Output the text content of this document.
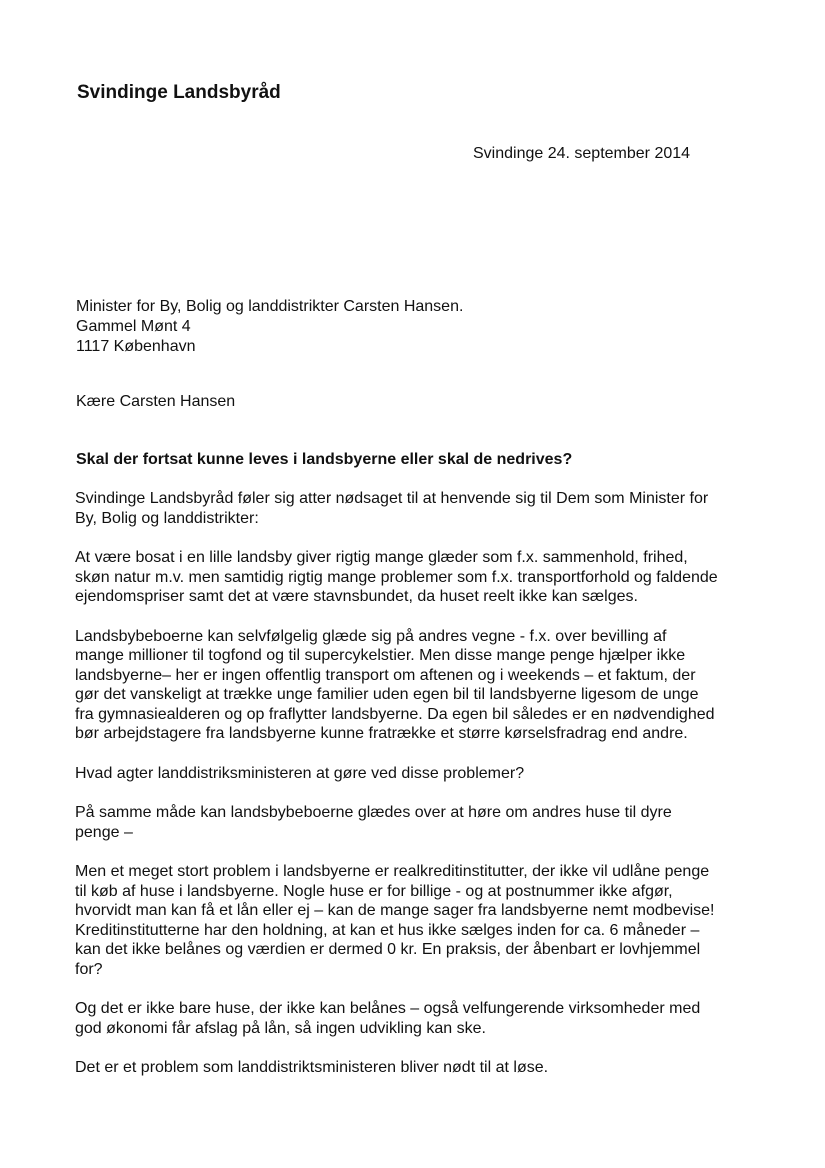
Svindinge Landsbyråd
Svindinge 24. september 2014
Minister for By, Bolig og landdistrikter Carsten Hansen.
Gammel Mønt 4
1117 København
Kære Carsten Hansen
Skal der fortsat kunne leves i landsbyerne eller skal de nedrives?

Svindinge Landsbyråd føler sig atter nødsaget til at henvende sig til Dem som Minister for
By, Bolig og landdistrikter:

At være bosat i en lille landsby giver rigtig mange glæder som f.x. sammenhold, frihed,
skøn natur m.v. men samtidig rigtig mange problemer som f.x. transportforhold og faldende
ejendomspriser samt det at være stavnsbundet, da huset reelt ikke kan sælges.

Landsbybeboerne kan selvfølgelig glæde sig på andres vegne - f.x. over bevilling af
mange millioner til togfond og til supercykelstier. Men disse mange penge hjælper ikke
landsbyerne– her er ingen offentlig transport om aftenen og i weekends – et faktum, der
gør det vanskeligt at trække unge familier uden egen bil til landsbyerne ligesom de unge
fra gymnasiealderen og op fraflytter landsbyerne. Da egen bil således er en nødvendighed
bør arbejdstagere fra landsbyerne kunne fratrække et større kørselsfradrag end andre.

Hvad agter landdistriksministeren at gøre ved disse problemer?

På samme måde kan landsbybeboerne glædes over at høre om andres huse til dyre
penge –

Men et meget stort problem i landsbyerne er realkreditinstitutter, der ikke vil udlåne penge
til køb af huse i landsbyerne. Nogle huse er for billige - og at postnummer ikke afgør,
hvorvidt man kan få et lån eller ej – kan de mange sager fra landsbyerne nemt modbevise!
Kreditinstitutterne har den holdning, at kan et hus ikke sælges inden for ca. 6 måneder –
kan det ikke belånes og værdien er dermed 0 kr. En praksis, der åbenbart er lovhjemmel
for?

Og det er ikke bare huse, der ikke kan belånes – også velfungerende virksomheder med
god økonomi får afslag på lån, så ingen udvikling kan ske.

Det er et problem som landdistriktsministeren bliver nødt til at løse.
